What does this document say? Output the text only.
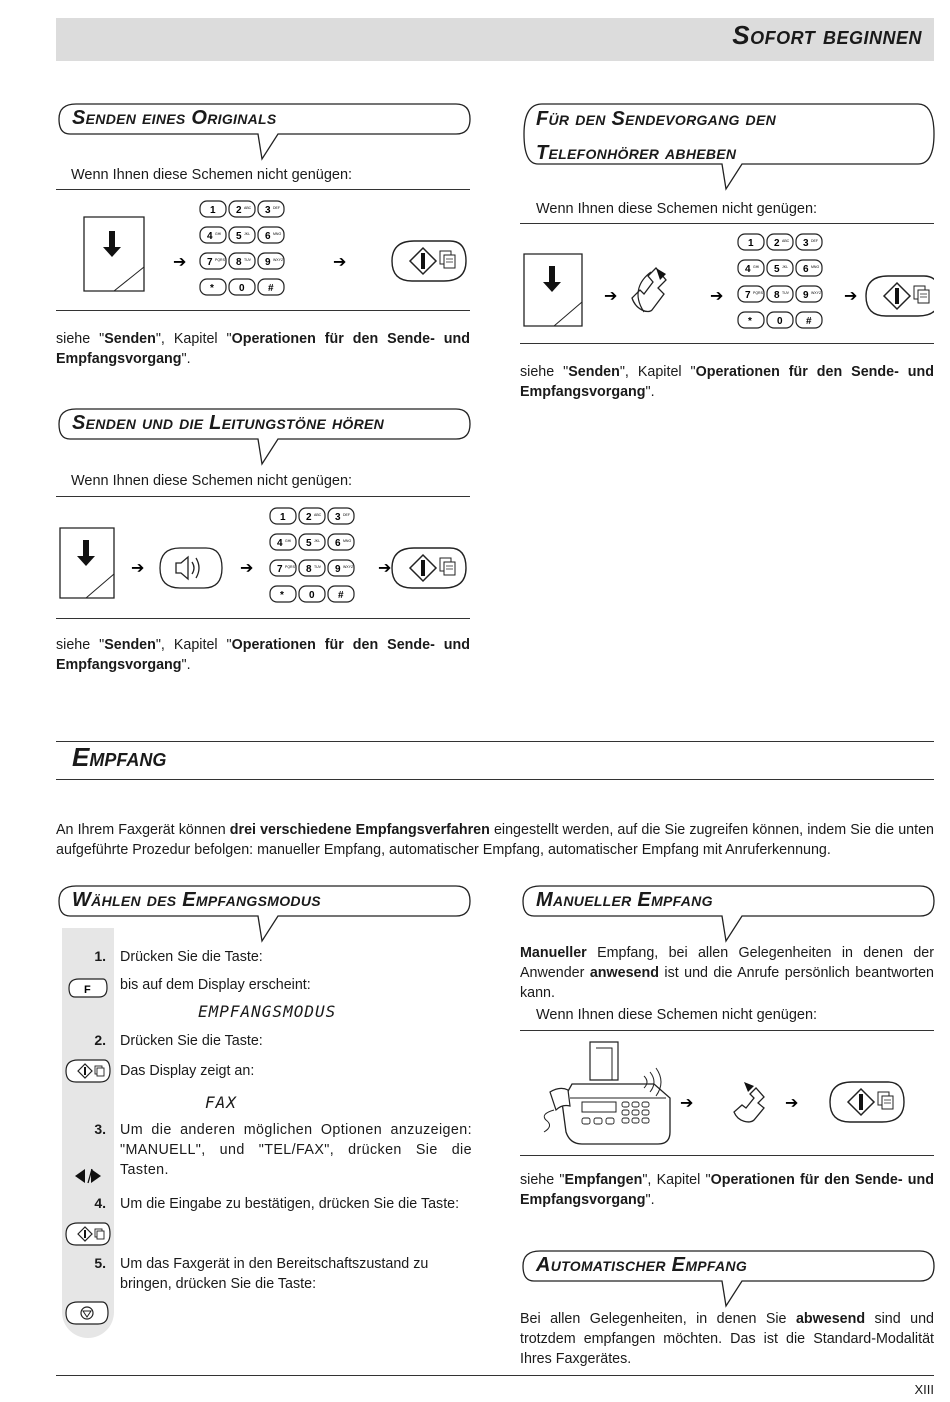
Sofort beginnen
Senden eines Originals
Wenn Ihnen diese Schemen nicht genügen:
➔	➔
1 2 ABC 3 DEF
4 GHI 5 JKL 6 MNO
7 PQRS 8 TUV 9 WXYZ
*	0 #
siehe "Senden", Kapitel "Operationen für den Sende- und Empfangsvorgang".
Für den Sendevorgang den
Telefonhörer abheben
Wenn Ihnen diese Schemen nicht genügen:
➔	➔	➔
1 2 ABC 3 DEF
4 GHI 5 JKL 6 MNO
7 PQRS 8 TUV 9 WXYZ
*	0 #
siehe "Senden", Kapitel "Operationen für den Sende- und Empfangsvorgang".
Senden und die Leitungstöne hören
Wenn Ihnen diese Schemen nicht genügen:
➔	➔	➔
1 2 ABC 3 DEF
4 GHI 5 JKL 6 MNO
7 PQRS 8 TUV 9 WXYZ
*	0 #
siehe "Senden", Kapitel "Operationen für den Sende- und Empfangsvorgang".
Empfang
An Ihrem Faxgerät können drei verschiedene Empfangsverfahren eingestellt werden, auf die Sie zugreifen können, indem Sie die unten aufgeführte Prozedur befolgen: manueller Empfang, automatischer Empfang, automatischer Empfang mit Anruferkennung.
Wählen des Empfangsmodus
1. Drücken Sie die Taste:
bis auf dem Display erscheint:
F
EMPFANGSMODUS
2. Drücken Sie die Taste:
Das Display zeigt an:
FAX
3. Um die anderen möglichen Optionen anzuzeigen: "MANUELL", und "TEL/FAX", drücken Sie die Tasten.
4. Um die Eingabe zu bestätigen, drücken Sie die Taste:
5. Um das Faxgerät in den Bereitschaftszustand zu bringen, drücken Sie die Taste:
Manueller Empfang
Manueller Empfang, bei allen Gelegenheiten in denen der Anwender anwesend ist und die Anrufe persönlich beantworten kann.
Wenn Ihnen diese Schemen nicht genügen:
➔	➔
siehe "Empfangen", Kapitel "Operationen für den Sende- und Empfangsvorgang".
Automatischer Empfang
Bei allen Gelegenheiten, in denen Sie abwesend sind und trotzdem empfangen möchten. Das ist die Standard-Modalität Ihres Faxgerätes.
XIII
